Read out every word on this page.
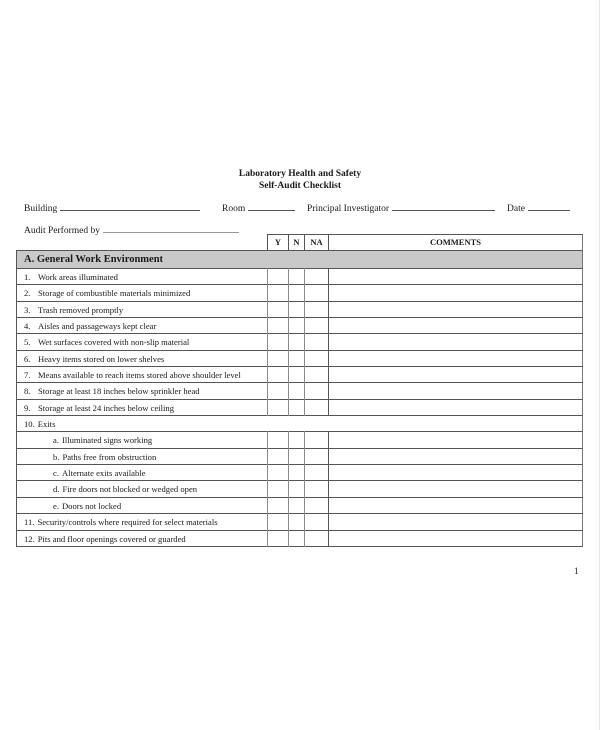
Laboratory Health and Safety
Self-Audit Checklist
Building	Room	Principal Investigator	Date
Audit Performed by
Y	N	NA	COMMENTS
A. General Work Environment
1. Work areas illuminated
2. Storage of combustible materials minimized
3. Trash removed promptly
4. Aisles and passageways kept clear
5. Wet surfaces covered with non-slip material
6. Heavy items stored on lower shelves
7. Means available to reach items stored above shoulder level
8. Storage at least 18 inches below sprinkler head
9. Storage at least 24 inches below ceiling
10. Exits
a. Illuminated signs working
b. Paths free from obstruction
c. Alternate exits available
d. Fire doors not blocked or wedged open
e. Doors not locked
11. Security/controls where required for select materials
12. Pits and floor openings covered or guarded
1
